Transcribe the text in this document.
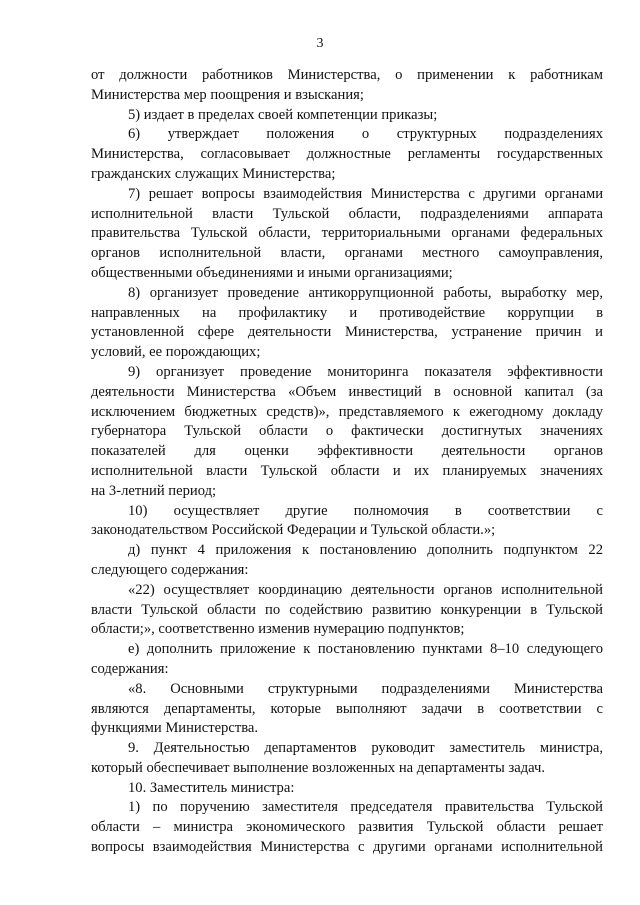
3
от должности работников Министерства, о применении к работникам
Министерства мер поощрения и взыскания;
5) издает в пределах своей компетенции приказы;
6) утверждает положения о структурных подразделениях
Министерства, согласовывает должностные регламенты государственных
гражданских служащих Министерства;
7) решает вопросы взаимодействия Министерства с другими органами
исполнительной власти Тульской области, подразделениями аппарата
правительства Тульской области, территориальными органами федеральных
органов исполнительной власти, органами местного самоуправления,
общественными объединениями и иными организациями;
8) организует проведение антикоррупционной работы, выработку мер,
направленных на профилактику и противодействие коррупции в
установленной сфере деятельности Министерства, устранение причин и
условий, ее порождающих;
9) организует проведение мониторинга показателя эффективности
деятельности Министерства «Объем инвестиций в основной капитал (за
исключением бюджетных средств)», представляемого к ежегодному докладу
губернатора Тульской области о фактически достигнутых значениях
показателей для оценки эффективности деятельности органов
исполнительной власти Тульской области и их планируемых значениях
на 3-летний период;
10) осуществляет другие полномочия в соответствии с
законодательством Российской Федерации и Тульской области.»;
д) пункт 4 приложения к постановлению дополнить подпунктом 22
следующего содержания:
«22) осуществляет координацию деятельности органов исполнительной
власти Тульской области по содействию развитию конкуренции в Тульской
области;», соответственно изменив нумерацию подпунктов;
е) дополнить приложение к постановлению пунктами 8–10 следующего
содержания:
«8. Основными структурными подразделениями Министерства
являются департаменты, которые выполняют задачи в соответствии с
функциями Министерства.
9. Деятельностью департаментов руководит заместитель министра,
который обеспечивает выполнение возложенных на департаменты задач.
10. Заместитель министра:
1) по поручению заместителя председателя правительства Тульской
области – министра экономического развития Тульской области решает
вопросы взаимодействия Министерства с другими органами исполнительной
